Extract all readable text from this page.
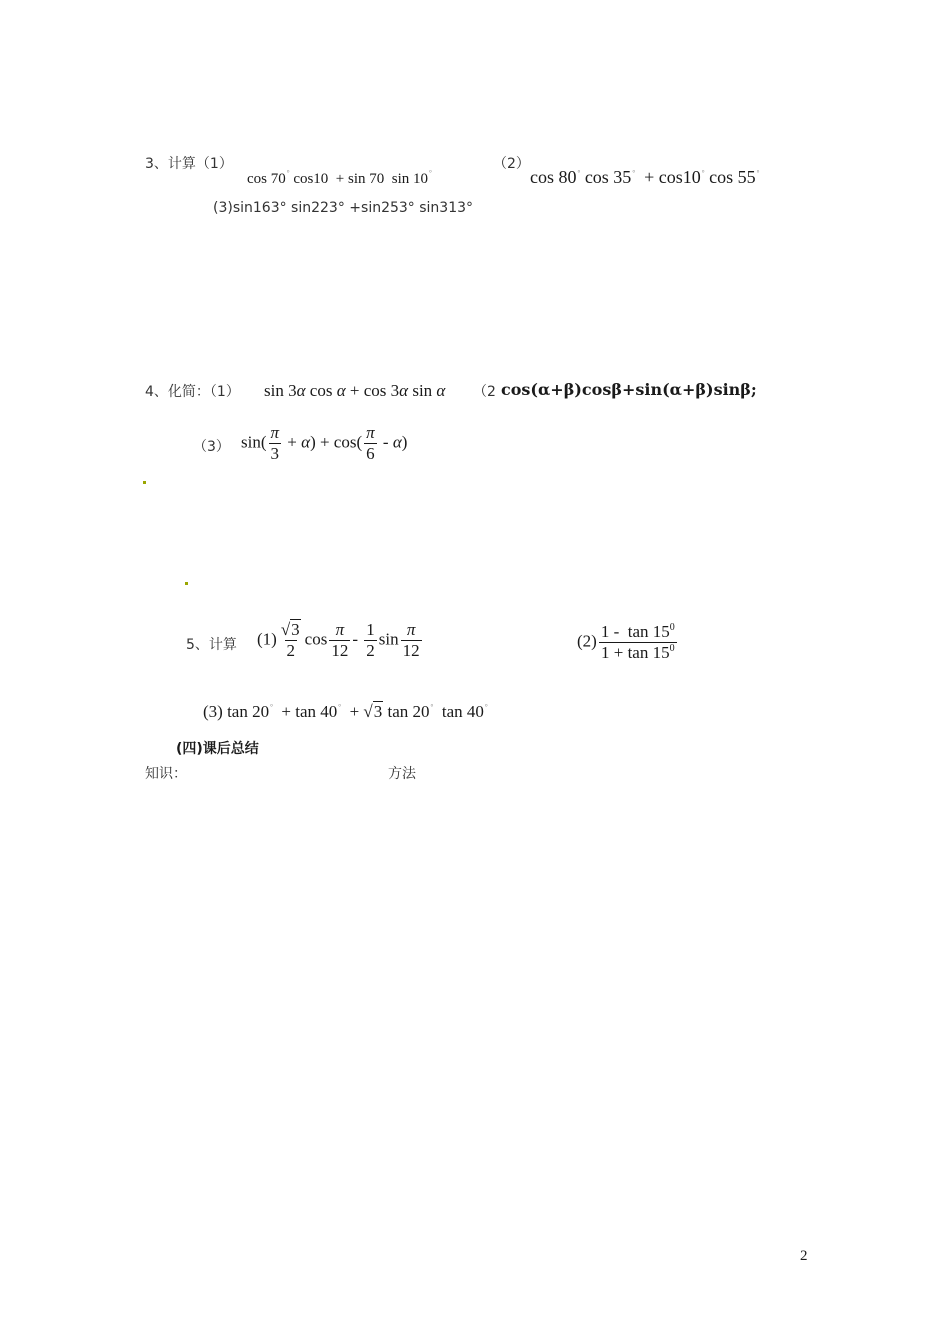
3、计算（1）
cos 70° cos10  + sin 70  sin 10°
（2）
cos 80° cos 35°  + cos10° cos 55°
(3)sin163° sin223° +sin253° sin313°
4、化简：（1） sin 3α cos α + cos 3α sin α （2 cos(α+β)cosβ+sin(α+β)sinβ;
（3） $\sin( \frac{\pi}{3} + \alpha) + \cos( \frac{\pi}{6} - \alpha)$
5、计算 $(1) \frac{√3}{2}$ $\cos \frac{\pi}{12} - \frac{1}{2}$ $\sin \frac{\pi}{12}$	$(2) \frac{1 - \tan 15^0}{1 + \tan 15^0}$
(3) tan 20°  + tan 40°  + √3 tan 20°  tan 40°
(四)课后总结
知识：	方法
2
